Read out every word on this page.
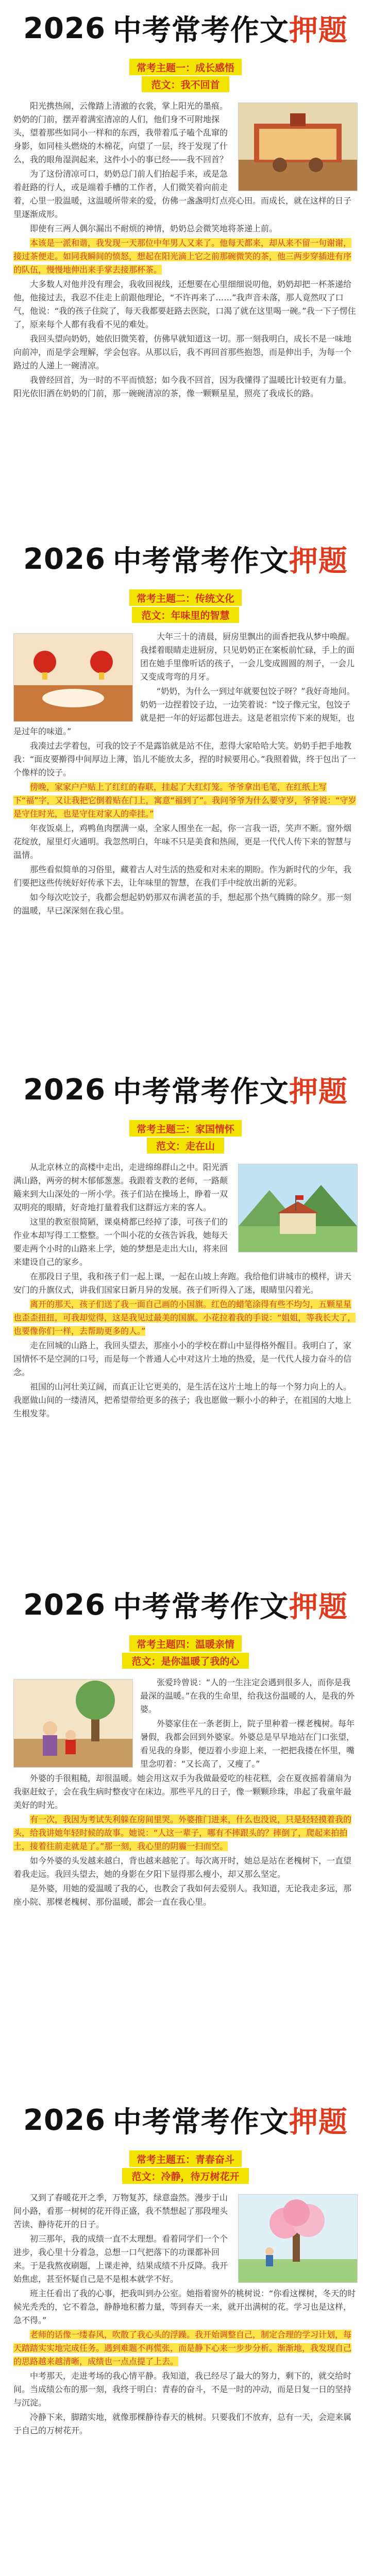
2026 中考常考作文 押题
常考主题一：成长感悟
范文：我不回首

阳光携热闹，云像踏上清澈的衣裳，掌上阳光的墨痕。奶奶的门前，摆弄着满室清凉的人们，他们身不可附地探头，望着那些如同小一样和的东西，我带着瓜子嗑个乱窜的身影，如同桂头燃烧的木棉花，向望了一层，终于发现了什么，我的眼角湿润起来，这件小小的事已经——我不回首？

为了这份清凉可口，奶奶总门前人们抬起手来，或是急着赶路的行人，或是端着手槽的工作者，人们微笑着向前走着，心里一股温暖，这温暖所带来的爱，仿佛一盏盏明灯点亮心田。而成长，就在这样的日子里逐渐成形。

即使有三两人偶尔漏出不耐烦的神情，奶奶总会微笑地将茶递上前。

本该是一派和谐，我发现一天那位中年男人又来了。他每天都来，却从来不留一句谢谢，接过茶便走。如同我瞬间的愤怒，想起在阳光滴上它之前那碗微笑的茶，他三两步穿插进有序的队伍，慢慢地伸出来手掌去接那杯茶。

大多数人对他并没有理会，我收回视线，还想要在心里细细说叨他，奶奶却把一杯茶递给他，他接过去，我忍不住走上前跟他理论，“不许再来了……”我声音未落，那人竟然叹了口气，他说：“我的孩子住院了，每天我都要赶路去医院，口渴了就在这里喝一碗。”我一下子愣住了，原来每个人都有我看不见的难处。

我回头望向奶奶，她依旧微笑着，仿佛早就知道这一切。那一刻我明白，成长不是一味地向前冲，而是学会理解，学会包容。从那以后，我不再回首那些抱怨，而是伸出手，为每一个路过的人递上一碗清凉。

我曾经回首，为一时的不平而愤怒；如今我不回首，因为我懂得了温暖比计较更有力量。阳光依旧洒在奶奶的门前，那一碗碗清凉的茶，像一颗颗星星，照亮了我成长的路。

2026 中考常考作文 押题
常考主题二：传统文化
范文：年味里的智慧

大年三十的清晨，厨房里飘出的面香把我从梦中唤醒。我揉着眼睛走进厨房，只见奶奶正在案板前忙碌，手上的面团在她手里像听话的孩子，一会儿变成圆圆的剂子，一会儿又变成弯弯的月牙。

“奶奶，为什么一到过年就要包饺子呀？”我好奇地问。奶奶一边捏着饺子边，一边笑着说：“饺子像元宝，包饺子就是把一年的好运都包进去。这是老祖宗传下来的规矩，也是过年的味道。”

我凑过去学着包，可我的饺子不是露馅就是站不住，惹得大家哈哈大笑。奶奶手把手地教我：“面皮要擀得中间厚边上薄，馅儿不能放太多，捏的时候要用心。”我照着做，终于包出了一个像样的饺子。

傍晚，家家户户贴上了红红的春联，挂起了大红灯笼。爷爷拿出毛笔，在红纸上写下“福”字，又让我把它倒着贴在门上，寓意“福到了”。我问爷爷为什么要守岁，爷爷说：“守岁是守住时光，也是守住对家人的牵挂。”

年夜饭桌上，鸡鸭鱼肉摆满一桌，全家人围坐在一起，你一言我一语，笑声不断。窗外烟花绽放，屋里灯火通明。我忽然明白，年味不只是美食和热闹，更是一代代人传下来的智慧与温情。

那些看似简单的习俗里，藏着古人对生活的热爱和对未来的期盼。作为新时代的少年，我们要把这些传统好好传承下去，让年味里的智慧，在我们手中绽放出新的光彩。

如今每次吃饺子，我都会想起奶奶那双布满老茧的手，想起那个热气腾腾的除夕。那一刻的温暖，早已深深刻在我心里。

2026 中考常考作文 押题
常考主题三：家国情怀
范文：走在山

从北京林立的高楼中走出，走进绵绵群山之中。阳光洒满山路，两旁的树木郁郁葱葱。我跟着支教的老师，一路颠簸来到大山深处的一所小学。孩子们站在操场上，睁着一双双明亮的眼睛，好奇地打量着我们这群远方来的客人。

这里的教室很简陋，课桌椅都已经掉了漆，可孩子们的作业本却写得工工整整。一个叫小花的女孩告诉我，她每天要走两个小时的山路来上学，她的梦想是走出大山，将来回来建设自己的家乡。

在那段日子里，我和孩子们一起上课，一起在山坡上奔跑。我给他们讲城市的模样，讲天安门的升旗仪式，讲我们国家日新月异的发展。孩子们听得入了迷，眼睛里闪着光。

离开的那天，孩子们送了我一面自己画的小国旗。红色的蜡笔涂得有些不均匀，五颗星星也歪歪扭扭，可我却觉得，这是我见过最美的国旗。小花拉着我的手说：“姐姐，等我长大了，也要像你们一样，去帮助更多的人。”

走在回城的山路上，我回头望去，那座小小的学校在群山中显得格外醒目。我明白了，家国情怀不是空洞的口号，而是每一个普通人心中对这片土地的热爱，是一代代人接力奋斗的信念。

祖国的山河壮美辽阔，而真正让它更美的，是生活在这片土地上的每一个努力向上的人。我愿做山间的一缕清风，把希望带给更多的孩子；我也愿做一颗小小的种子，在祖国的大地上生根发芽。

2026 中考常考作文 押题
常考主题四：温暖亲情
范文：是你温暖了我的心

张爱玲曾说：“人的一生注定会遇到很多人，而你是我最深的温暖。”在我的生命里，给我这份温暖的人，是我的外婆。

外婆家住在一条老街上，院子里种着一棵老槐树。每年暑假，我都会回到外婆家。外婆总是早早地站在门口张望，看见我的身影，便迈着小步迎上来，一把把我搂在怀里，嘴里念叨着：“又长高了，又瘦了。”

外婆的手很粗糙，却很温暖。她会用这双手为我做最爱吃的桂花糕，会在夏夜摇着蒲扇为我驱赶蚊子，会在我生病时整夜守在床边。那些平凡的日子，像一颗颗珍珠，串起了我童年最美好的时光。

有一次，我因为考试失利躲在房间里哭。外婆推门进来，什么也没说，只是轻轻摸着我的头，给我讲她年轻时候的故事。她说：“人这一辈子，哪有不摔跟头的？摔倒了，爬起来拍拍土，接着往前走就是了。”那一刻，我心里的阴霾一扫而空。

如今外婆的头发越来越白，背也越来越驼了。每次离开时，她总是站在老槐树下，一直望着我走远。我回头望去，她的身影在夕阳下显得那么瘦小，却又那么坚定。

是外婆，用她的爱温暖了我的心，也教会了我如何去爱别人。我知道，无论我走多远，那座小院、那棵老槐树、那份温暖，都会一直在我心里。

2026 中考常考作文 押题
常考主题五：青春奋斗
范文：冷静，待万树花开

又到了春暖花开之季，万物复苏，绿意盎然。漫步于山间小路，看那一树树的花开得正盛，我不禁想起了那段埋头苦读、静待花开的日子。

初三那年，我的成绩一直不太理想。看着同学们一个个进步，我心里十分着急，总想一口气把落下的功课都补回来。于是我熬夜刷题，上课走神，结果成绩不升反降。我开始焦虑，甚至怀疑自己是不是根本就学不好。

班主任看出了我的心事，把我叫到办公室。她指着窗外的桃树说：“你看这棵树，冬天的时候光秃秃的，它不着急，静静地积蓄力量，等到春天一来，就开出满树的花。学习也是这样，急不得。”

老师的话像一缕春风，吹散了我心头的浮躁。我开始调整自己，制定合理的学习计划，每天踏踏实实地完成任务。遇到难题不再慌张，而是静下心来一步步分析。渐渐地，我发现自己的思路越来越清晰，成绩也一点点提了上去。

中考那天，走进考场的我心情平静。我知道，我已经尽了最大的努力，剩下的，就交给时间。当成绩公布的那一刻，我终于明白：青春的奋斗，不是一时的冲动，而是日复一日的坚持与沉淀。

冷静下来，脚踏实地，就像那棵静待春天的桃树。只要我们不放弃，总有一天，会迎来属于自己的万树花开。
